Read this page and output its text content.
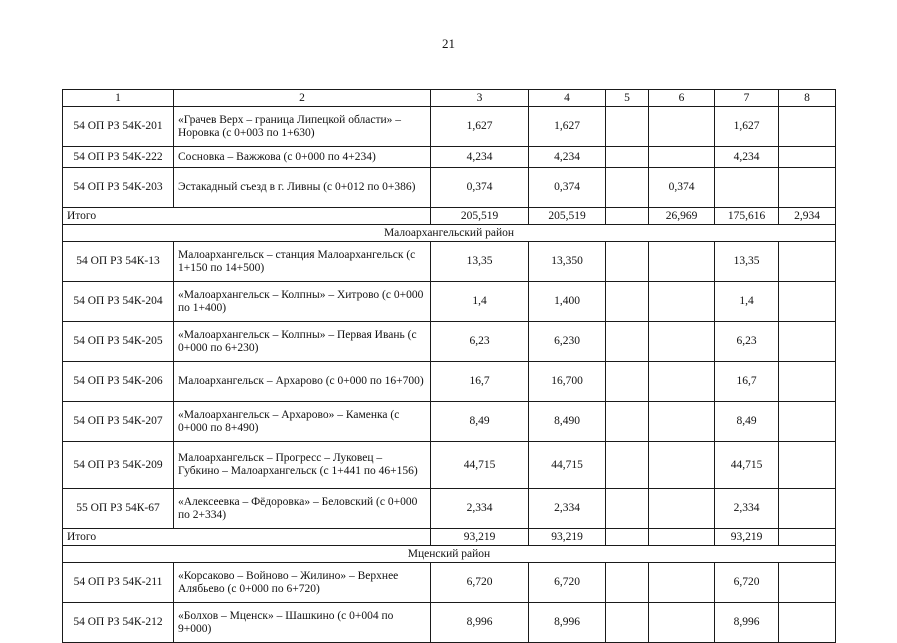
21
1	2	3	4	5	6	7	8
54 ОП РЗ 54К-201	«Грачев Верх – граница Липецкой области» – Норовка (с 0+003 по 1+630)	1,627	1,627			1,627	
54 ОП РЗ 54К-222	Сосновка – Важжова (с 0+000 по 4+234)	4,234	4,234			4,234	
54 ОП РЗ 54К-203	Эстакадный съезд в г. Ливны (с 0+012 по 0+386)	0,374	0,374		0,374		
Итого		205,519	205,519		26,969	175,616	2,934
Малоархангельский район							
54 ОП РЗ 54К-13	Малоархангельск – станция Малоархангельск (с 1+150 по 14+500)	13,35	13,350			13,35	
54 ОП РЗ 54К-204	«Малоархангельск – Колпны» – Хитрово (с 0+000 по 1+400)	1,4	1,400			1,4	
54 ОП РЗ 54К-205	«Малоархангельск – Колпны» – Первая Ивань (с 0+000 по 6+230)	6,23	6,230			6,23	
54 ОП РЗ 54К-206	Малоархангельск – Архарово (с 0+000 по 16+700)	16,7	16,700			16,7	
54 ОП РЗ 54К-207	«Малоархангельск – Архарово» – Каменка (с 0+000 по 8+490)	8,49	8,490			8,49	
54 ОП РЗ 54К-209	Малоархангельск – Прогресс – Луковец – Губкино – Малоархангельск (с 1+441 по 46+156)	44,715	44,715			44,715	
55 ОП РЗ 54К-67	«Алексеевка – Фёдоровка» – Беловский (с 0+000 по 2+334)	2,334	2,334			2,334	
Итого		93,219	93,219			93,219	
Мценский район							
54 ОП РЗ 54К-211	«Корсаково – Войново – Жилино» – Верхнее Алябьево (с 0+000 по 6+720)	6,720	6,720			6,720	
54 ОП РЗ 54К-212	«Болхов – Мценск» – Шашкино (с 0+004 по 9+000)	8,996	8,996			8,996	
